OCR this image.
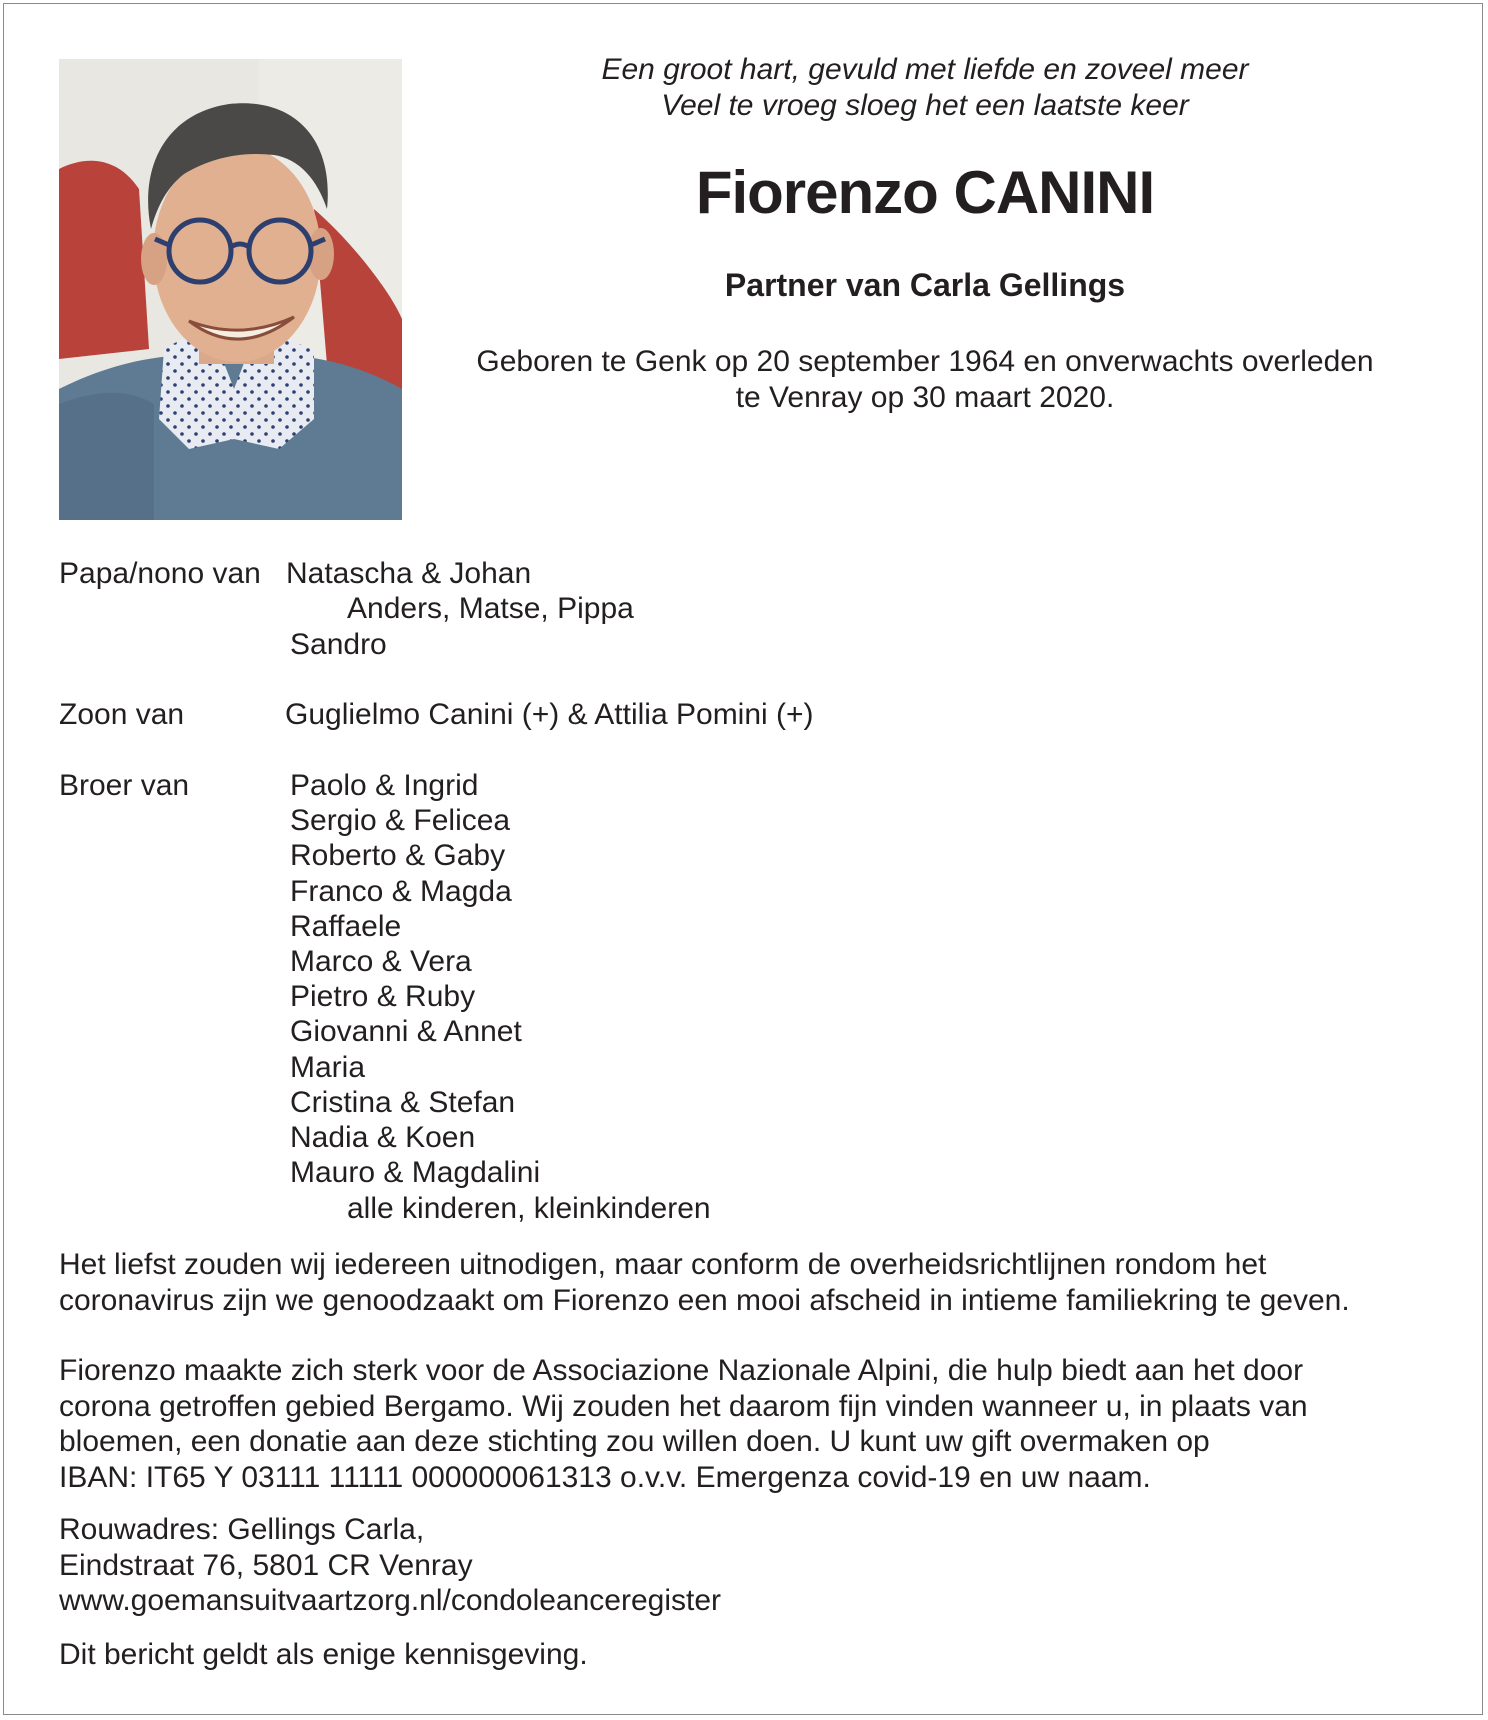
Een groot hart, gevuld met liefde en zoveel meer
Veel te vroeg sloeg het een laatste keer
Fiorenzo CANINI
Partner van Carla Gellings
Geboren te Genk op 20 september 1964 en onverwachts overleden
te Venray op 30 maart 2020.
Papa/nono van Natascha & Johan
Anders, Matse, Pippa
Sandro
Zoon van	Guglielmo Canini (+) & Attilia Pomini (+)
Broer van	Paolo & Ingrid
Sergio & Felicea
Roberto & Gaby
Franco & Magda
Raffaele
Marco & Vera
Pietro & Ruby
Giovanni & Annet
Maria
Cristina & Stefan
Nadia & Koen
Mauro & Magdalini
alle kinderen, kleinkinderen
Het liefst zouden wij iedereen uitnodigen, maar conform de overheidsrichtlijnen rondom het
coronavirus zijn we genoodzaakt om Fiorenzo een mooi afscheid in intieme familiekring te geven.
Fiorenzo maakte zich sterk voor de Associazione Nazionale Alpini, die hulp biedt aan het door
corona getroffen gebied Bergamo. Wij zouden het daarom fijn vinden wanneer u, in plaats van
bloemen, een donatie aan deze stichting zou willen doen. U kunt uw gift overmaken op
IBAN: IT65 Y 03111 11111 000000061313 o.v.v. Emergenza covid-19 en uw naam.
Rouwadres: Gellings Carla,
Eindstraat 76, 5801 CR Venray
www.goemansuitvaartzorg.nl/condoleanceregister
Dit bericht geldt als enige kennisgeving.
